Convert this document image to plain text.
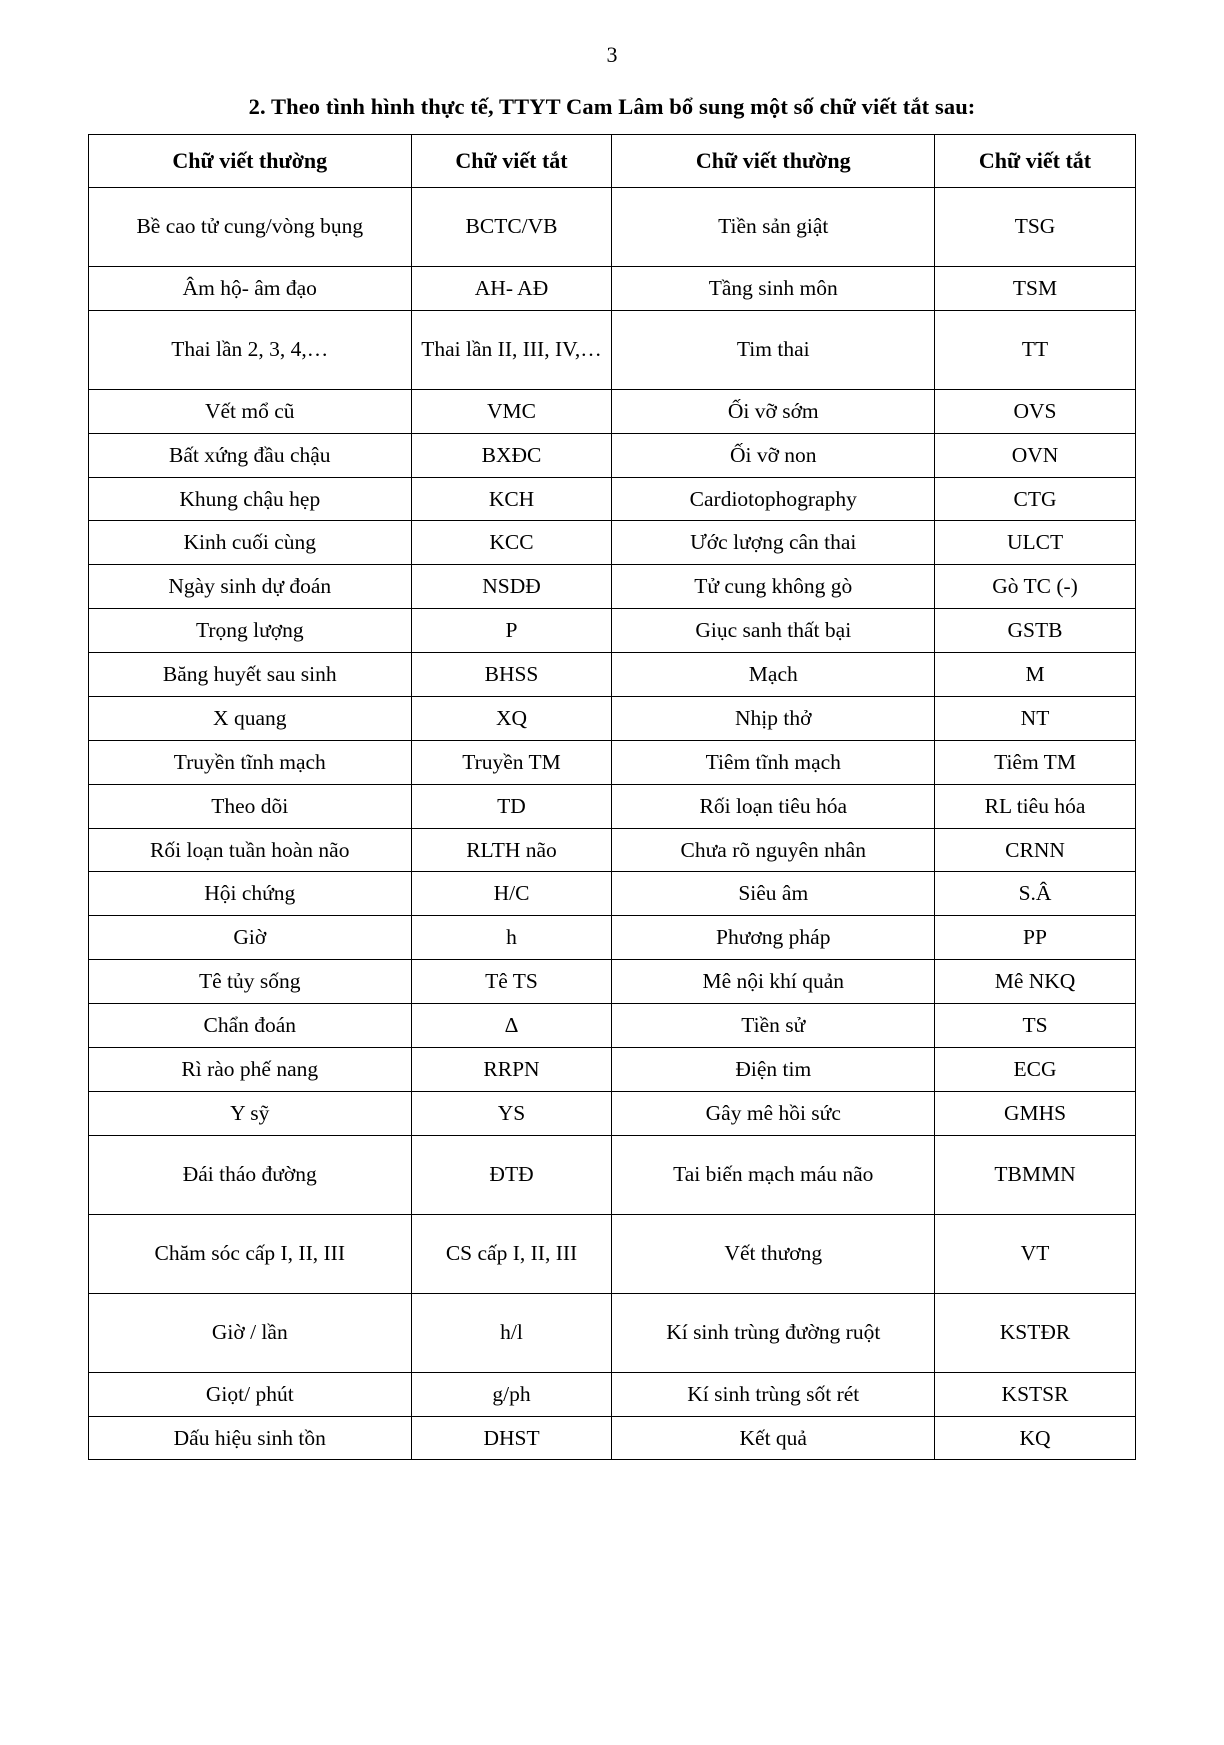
3
2. Theo tình hình thực tế, TTYT Cam Lâm bổ sung một số chữ viết tắt sau:
Chữ viết thường	Chữ viết tắt	Chữ viết thường	Chữ viết tắt
Bề cao tử cung/vòng bụng	BCTC/VB	Tiền sản giật	TSG
Âm hộ- âm đạo	AH- AĐ	Tầng sinh môn	TSM
Thai lần 2, 3, 4,…	Thai lần II, III, IV,…	Tim thai	TT
Vết mổ cũ	VMC	Ối vỡ sớm	OVS
Bất xứng đầu chậu	BXĐC	Ối vỡ non	OVN
Khung chậu hẹp	KCH	Cardiotophography	CTG
Kinh cuối cùng	KCC	Ước lượng cân thai	ULCT
Ngày sinh dự đoán	NSDĐ	Tử cung không gò	Gò TC (-)
Trọng lượng	P	Giục sanh thất bại	GSTB
Băng huyết sau sinh	BHSS	Mạch	M
X quang	XQ	Nhịp thở	NT
Truyền tĩnh mạch	Truyền TM	Tiêm tĩnh mạch	Tiêm TM
Theo dõi	TD	Rối loạn tiêu hóa	RL tiêu hóa
Rối loạn tuần hoàn não	RLTH não	Chưa rõ nguyên nhân	CRNN
Hội chứng	H/C	Siêu âm	S.Â
Giờ	h	Phương pháp	PP
Tê tủy sống	Tê TS	Mê nội khí quản	Mê NKQ
Chẩn đoán	Δ	Tiền sử	TS
Rì rào phế nang	RRPN	Điện tim	ECG
Y sỹ	YS	Gây mê hồi sức	GMHS
Đái tháo đường	ĐTĐ	Tai biến mạch máu não	TBMMN
Chăm sóc cấp I, II, III	CS cấp I, II, III	Vết thương	VT
Giờ / lần	h/l	Kí sinh trùng đường ruột	KSTĐR
Giọt/ phút	g/ph	Kí sinh trùng sốt rét	KSTSR
Dấu hiệu sinh tồn	DHST	Kết quả	KQ
